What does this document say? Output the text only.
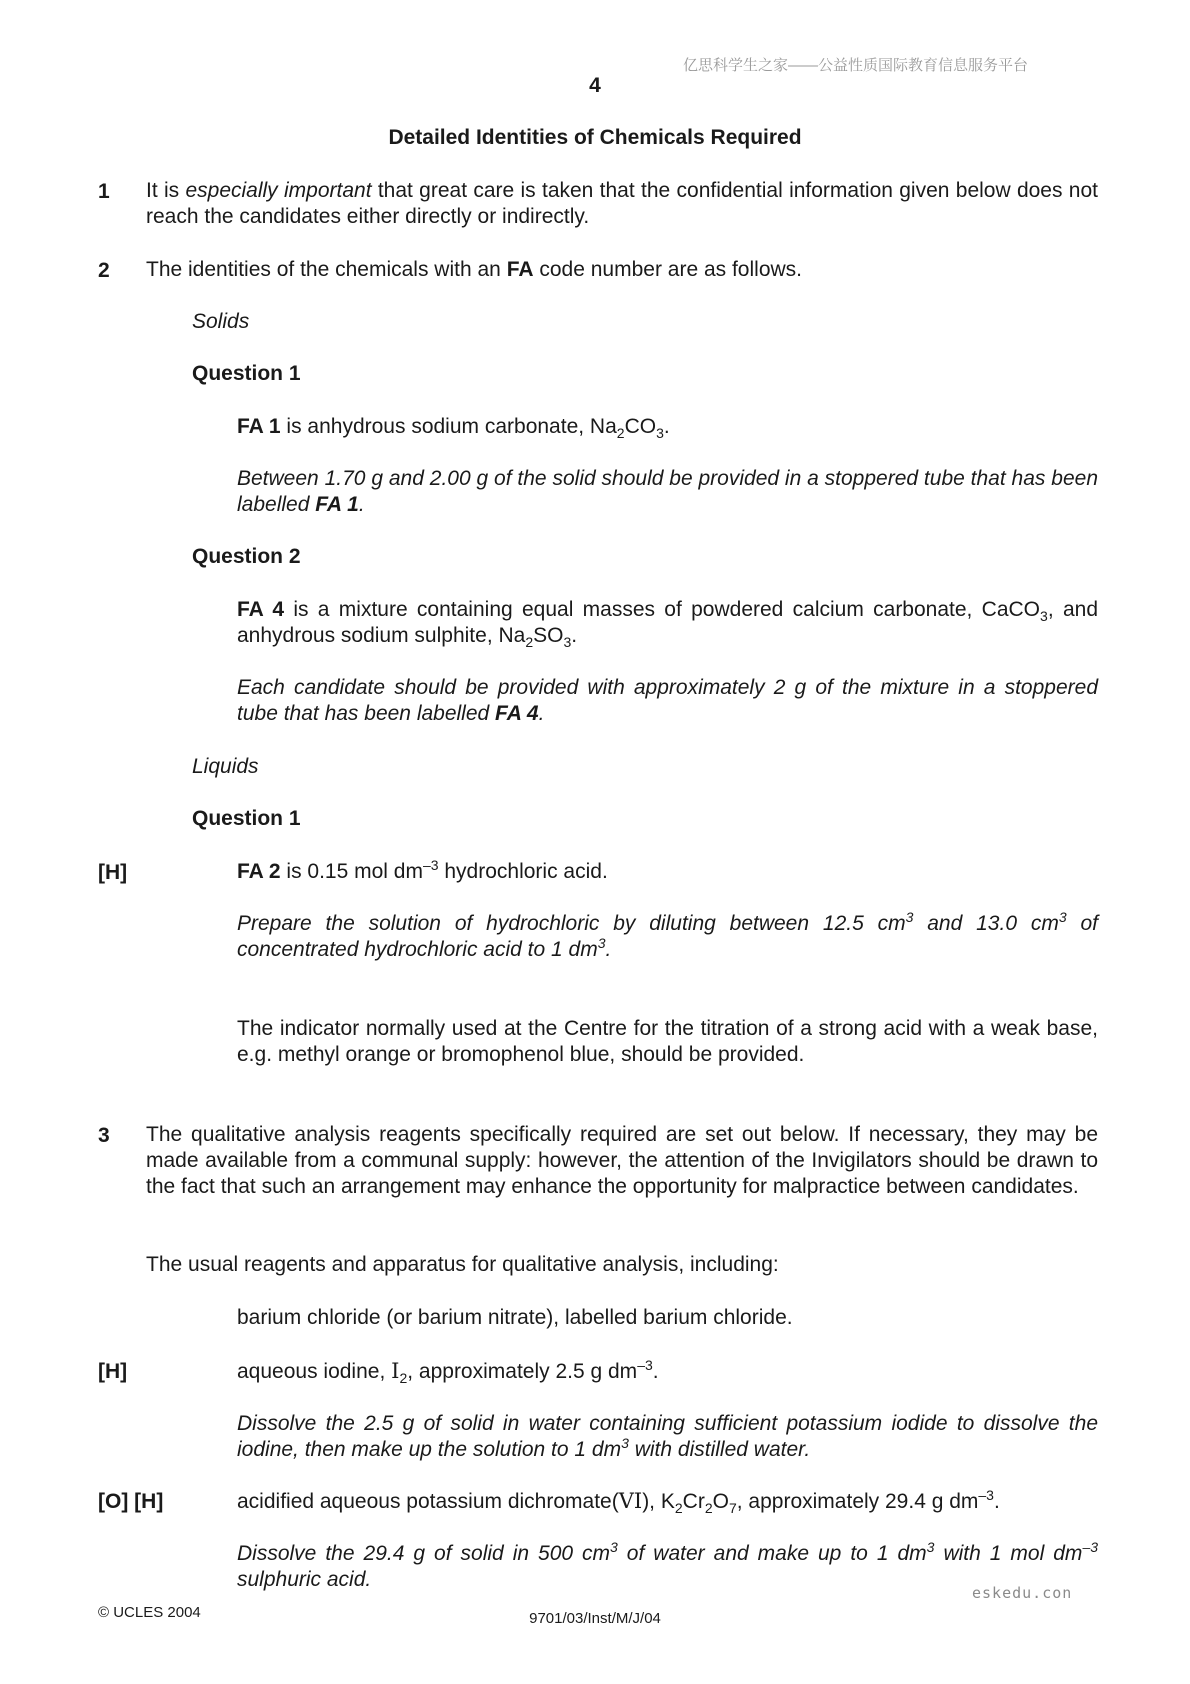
亿思科学生之家——公益性质国际教育信息服务平台
4
Detailed Identities of Chemicals Required
1 It is especially important that great care is taken that the confidential information given below does not reach the candidates either directly or indirectly.
2 The identities of the chemicals with an FA code number are as follows.
Solids
Question 1
FA 1 is anhydrous sodium carbonate, $Na_2CO_3$.
Between 1.70 g and 2.00 g of the solid should be provided in a stoppered tube that has been labelled FA 1.
Question 2
FA 4 is a mixture containing equal masses of powdered calcium carbonate, CaCO$_3$, and anhydrous sodium sulphite, $Na_2SO_3$.
Each candidate should be provided with approximately 2 g of the mixture in a stoppered tube that has been labelled FA 4.
Liquids
Question 1
[H]	FA 2 is 0.15 mol $dm^{-3}$ hydrochloric acid.
Prepare the solution of hydrochloric by diluting between 12.5 $cm^3$ and 13.0 $cm^3$ of concentrated hydrochloric acid to 1 $dm^3$.
The indicator normally used at the Centre for the titration of a strong acid with a weak base, e.g. methyl orange or bromophenol blue, should be provided.
3 The qualitative analysis reagents specifically required are set out below. If necessary, they may be made available from a communal supply: however, the attention of the Invigilators should be drawn to the fact that such an arrangement may enhance the opportunity for malpractice between candidates.
The usual reagents and apparatus for qualitative analysis, including:
barium chloride (or barium nitrate), labelled barium chloride.
[H]	aqueous iodine, $I_2$, approximately 2.5 g $dm^{-3}$.
Dissolve the 2.5 g of solid in water containing sufficient potassium iodide to dissolve the iodine, then make up the solution to 1 $dm^3$ with distilled water.
[O] [H]	acidified aqueous potassium dichromate(VI), $K_2Cr_2O_7$, approximately 29.4 g $dm^{-3}$.
Dissolve the 29.4 g of solid in 500 $cm^3$ of water and make up to 1 $dm^3$ with 1 mol $dm^{-3}$ sulphuric acid.
eskedu.con
© UCLES 2004	9701/03/Inst/M/J/04
